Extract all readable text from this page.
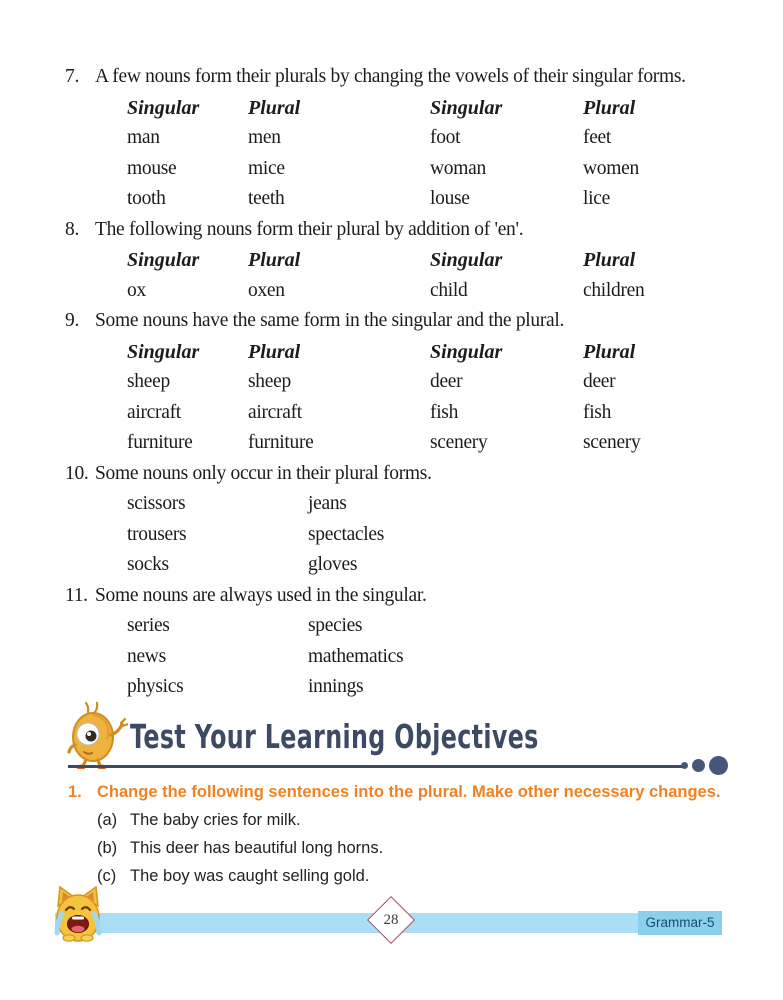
7. A few nouns form their plurals by changing the vowels of their singular forms.
Singular	Plural	Singular	Plural
man	men	foot	feet
mouse	mice	woman	women
tooth	teeth	louse	lice
8. The following nouns form their plural by addition of 'en'.
Singular	Plural	Singular	Plural
ox	oxen	child	children
9. Some nouns have the same form in the singular and the plural.
Singular	Plural	Singular	Plural
sheep	sheep	deer	deer
aircraft	aircraft	fish	fish
furniture	furniture	scenery	scenery
10. Some nouns only occur in their plural forms.
scissors	jeans
trousers	spectacles
socks	gloves
11. Some nouns are always used in the singular.
series	species
news	mathematics
physics	innings
Test Your Learning Objectives
1. Change the following sentences into the plural. Make other necessary changes.
(a) The baby cries for milk.
(b) This deer has beautiful long horns.
(c) The boy was caught selling gold.
Grammar-5
28
